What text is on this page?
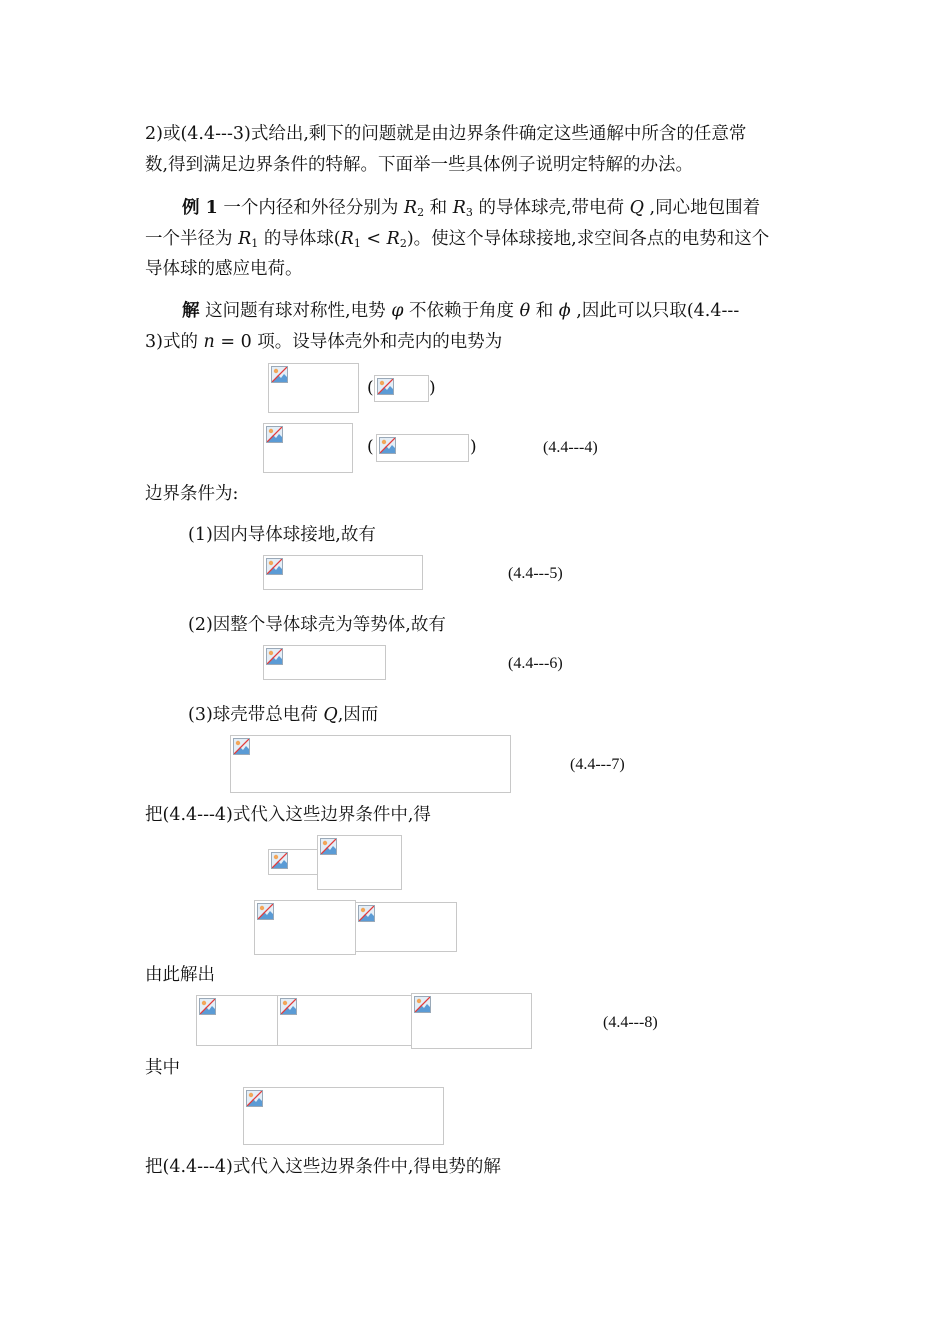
2)或(4.4---3)式给出,剩下的问题就是由边界条件确定这些通解中所含的任意常
数,得到满足边界条件的特解。下面举一些具体例子说明定特解的办法。
例 1 一个内径和外径分别为 $R_2$ 和 $R_3$ 的导体球壳,带电荷 Q ,同心地包围着
一个半径为 $R_1$ 的导体球$(R_1 < R_2)$。使这个导体球接地,求空间各点的电势和这个
导体球的感应电荷。
解 这问题有球对称性,电势 φ 不依赖于角度 θ 和 ϕ ,因此可以只取(4.4---
3)式的 n = 0 项。设导体壳外和壳内的电势为
(	)
(	)	(4.4---4)
边界条件为:
(1)因内导体球接地,故有
(4.4---5)
(2)因整个导体球壳为等势体,故有
(4.4---6)
(3)球壳带总电荷 Q,因而
(4.4---7)
把(4.4---4)式代入这些边界条件中,得
由此解出
(4.4---8)
其中
把(4.4---4)式代入这些边界条件中,得电势的解
